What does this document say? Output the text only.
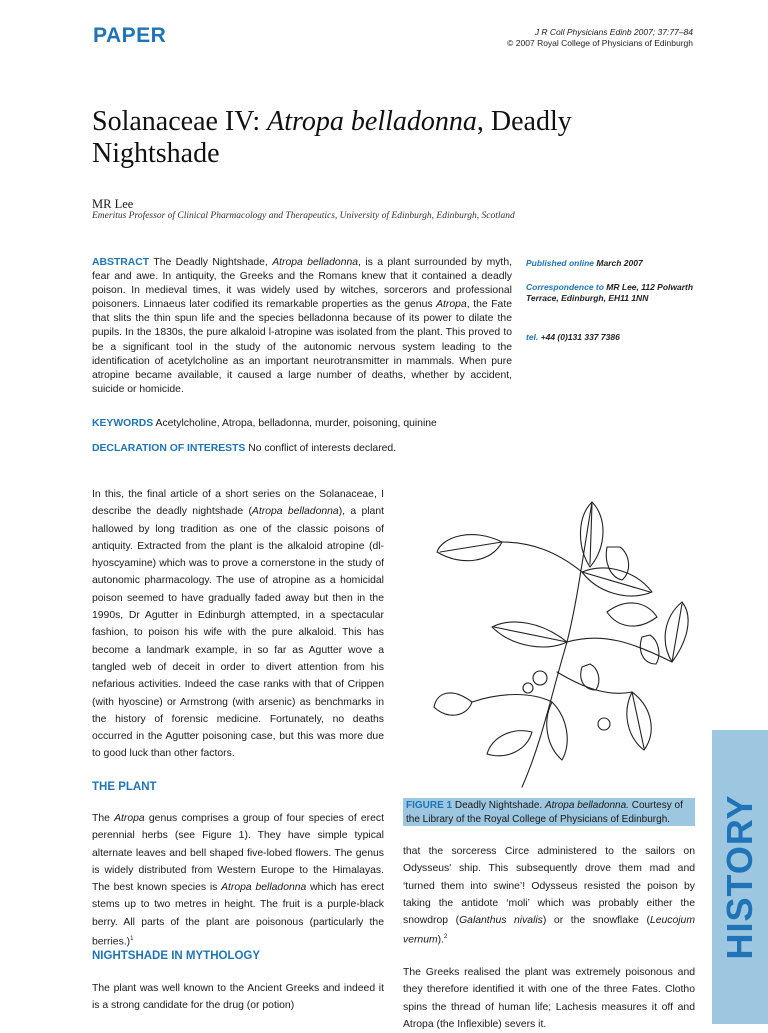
PAPER	J R Coll Physicians Edinb 2007; 37:77–84
© 2007 Royal College of Physicians of Edinburgh
Solanaceae IV: Atropa belladonna, Deadly Nightshade
MR Lee
Emeritus Professor of Clinical Pharmacology and Therapeutics, University of Edinburgh, Edinburgh, Scotland
ABSTRACT The Deadly Nightshade, Atropa belladonna, is a plant surrounded by myth, fear and awe. In antiquity, the Greeks and the Romans knew that it contained a deadly poison. In medieval times, it was widely used by witches, sorcerors and professional poisoners. Linnaeus later codified its remarkable properties as the genus Atropa, the Fate that slits the thin spun life and the species belladonna because of its power to dilate the pupils. In the 1830s, the pure alkaloid l-atropine was isolated from the plant. This proved to be a significant tool in the study of the autonomic nervous system leading to the identification of acetylcholine as an important neurotransmitter in mammals. When pure atropine became available, it caused a large number of deaths, whether by accident, suicide or homicide.
KEYWORDS Acetylcholine, Atropa, belladonna, murder, poisoning, quinine
DECLARATION OF INTERESTS No conflict of interests declared.
Published online March 2007
Correspondence to MR Lee, 112 Polwarth Terrace, Edinburgh, EH11 1NN
tel. +44 (0)131 337 7386
In this, the final article of a short series on the Solanaceae, I describe the deadly nightshade (Atropa belladonna), a plant hallowed by long tradition as one of the classic poisons of antiquity. Extracted from the plant is the alkaloid atropine (dl-hyoscyamine) which was to prove a cornerstone in the study of autonomic pharmacology. The use of atropine as a homicidal poison seemed to have gradually faded away but then in the 1990s, Dr Agutter in Edinburgh attempted, in a spectacular fashion, to poison his wife with the pure alkaloid. This has become a landmark example, in so far as Agutter wove a tangled web of deceit in order to divert attention from his nefarious activities. Indeed the case ranks with that of Crippen (with hyoscine) or Armstrong (with arsenic) as benchmarks in the history of forensic medicine. Fortunately, no deaths occurred in the Agutter poisoning case, but this was more due to good luck than other factors.
THE PLANT
The Atropa genus comprises a group of four species of erect perennial herbs (see Figure 1). They have simple typical alternate leaves and bell shaped five-lobed flowers. The genus is widely distributed from Western Europe to the Himalayas. The best known species is Atropa belladonna which has erect stems up to two metres in height. The fruit is a purple-black berry. All parts of the plant are poisonous (particularly the berries.)$^1$
NIGHTSHADE IN MYTHOLOGY
The plant was well known to the Ancient Greeks and indeed it is a strong candidate for the drug (or potion)
FIGURE 1 Deadly Nightshade. Atropa belladonna. Courtesy of the Library of the Royal College of Physicians of Edinburgh.
that the sorceress Circe administered to the sailors on Odysseus' ship. This subsequently drove them mad and ‘turned them into swine’! Odysseus resisted the poison by taking the antidote ‘moli’ which was probably either the snowdrop (Galanthus nivalis) or the snowflake (Leucojum vernum).$^2$
The Greeks realised the plant was extremely poisonous and they therefore identified it with one of the three Fates. Clotho spins the thread of human life; Lachesis measures it off and Atropa (the Inflexible) severs it.
HISTORY
